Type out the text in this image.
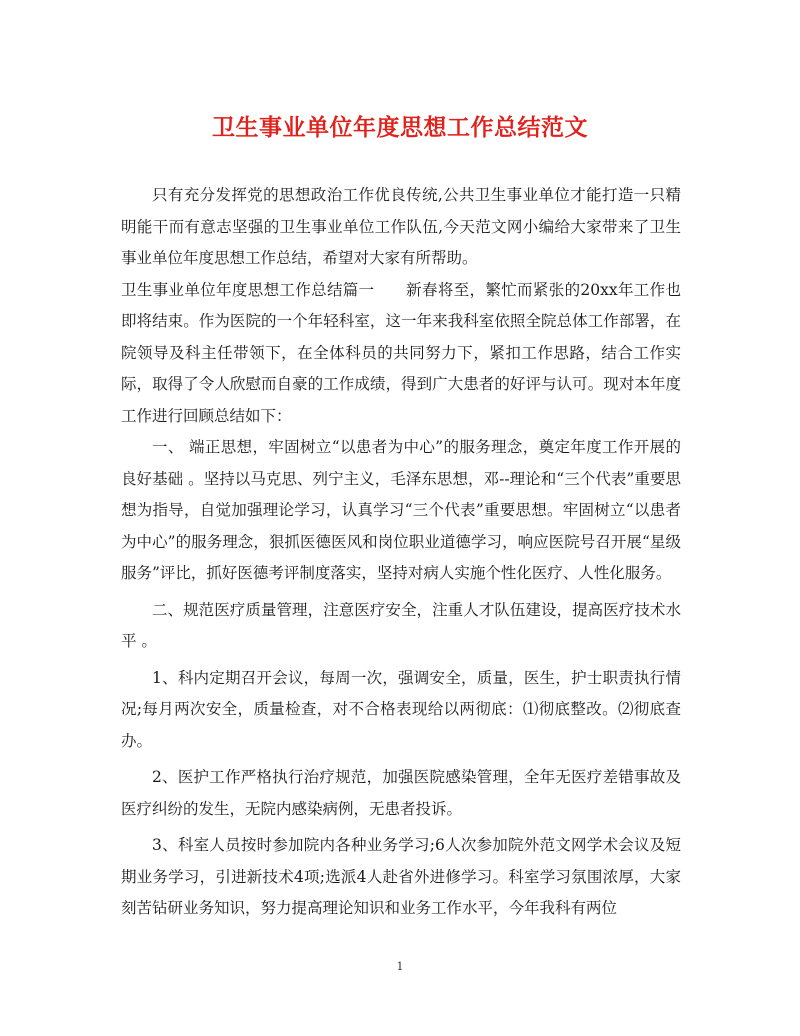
卫生事业单位年度思想工作总结范文

只有充分发挥党的思想政治工作优良传统,公共卫生事业单位才能打造一只精明能干而有意志坚强的卫生事业单位工作队伍,今天范文网小编给大家带来了卫生事业单位年度思想工作总结，希望对大家有所帮助。

卫生事业单位年度思想工作总结篇一　　新春将至，繁忙而紧张的20xx年工作也即将结束。作为医院的一个年轻科室，这一年来我科室依照全院总体工作部署，在院领导及科主任带领下，在全体科员的共同努力下，紧扣工作思路，结合工作实际，取得了令人欣慰而自豪的工作成绩，得到广大患者的好评与认可。现对本年度工作进行回顾总结如下：

一、 端正思想，牢固树立“以患者为中心”的服务理念，奠定年度工作开展的良好基础 。坚持以马克思、列宁主义，毛泽东思想，邓--理论和“三个代表”重要思想为指导，自觉加强理论学习，认真学习“三个代表”重要思想。牢固树立“以患者为中心”的服务理念，狠抓医德医风和岗位职业道德学习，响应医院号召开展“星级服务”评比，抓好医德考评制度落实，坚持对病人实施个性化医疗、人性化服务。

二、规范医疗质量管理，注意医疗安全，注重人才队伍建设，提高医疗技术水平 。

1、科内定期召开会议，每周一次，强调安全，质量，医生，护士职责执行情况;每月两次安全，质量检查，对不合格表现给以两彻底：⑴彻底整改。⑵彻底查办。

2、医护工作严格执行治疗规范，加强医院感染管理，全年无医疗差错事故及医疗纠纷的发生，无院内感染病例，无患者投诉。

3、科室人员按时参加院内各种业务学习;6人次参加院外范文网学术会议及短期业务学习，引进新技术4项;选派4人赴省外进修学习。科室学习氛围浓厚，大家刻苦钻研业务知识，努力提高理论知识和业务工作水平，今年我科有两位

1
